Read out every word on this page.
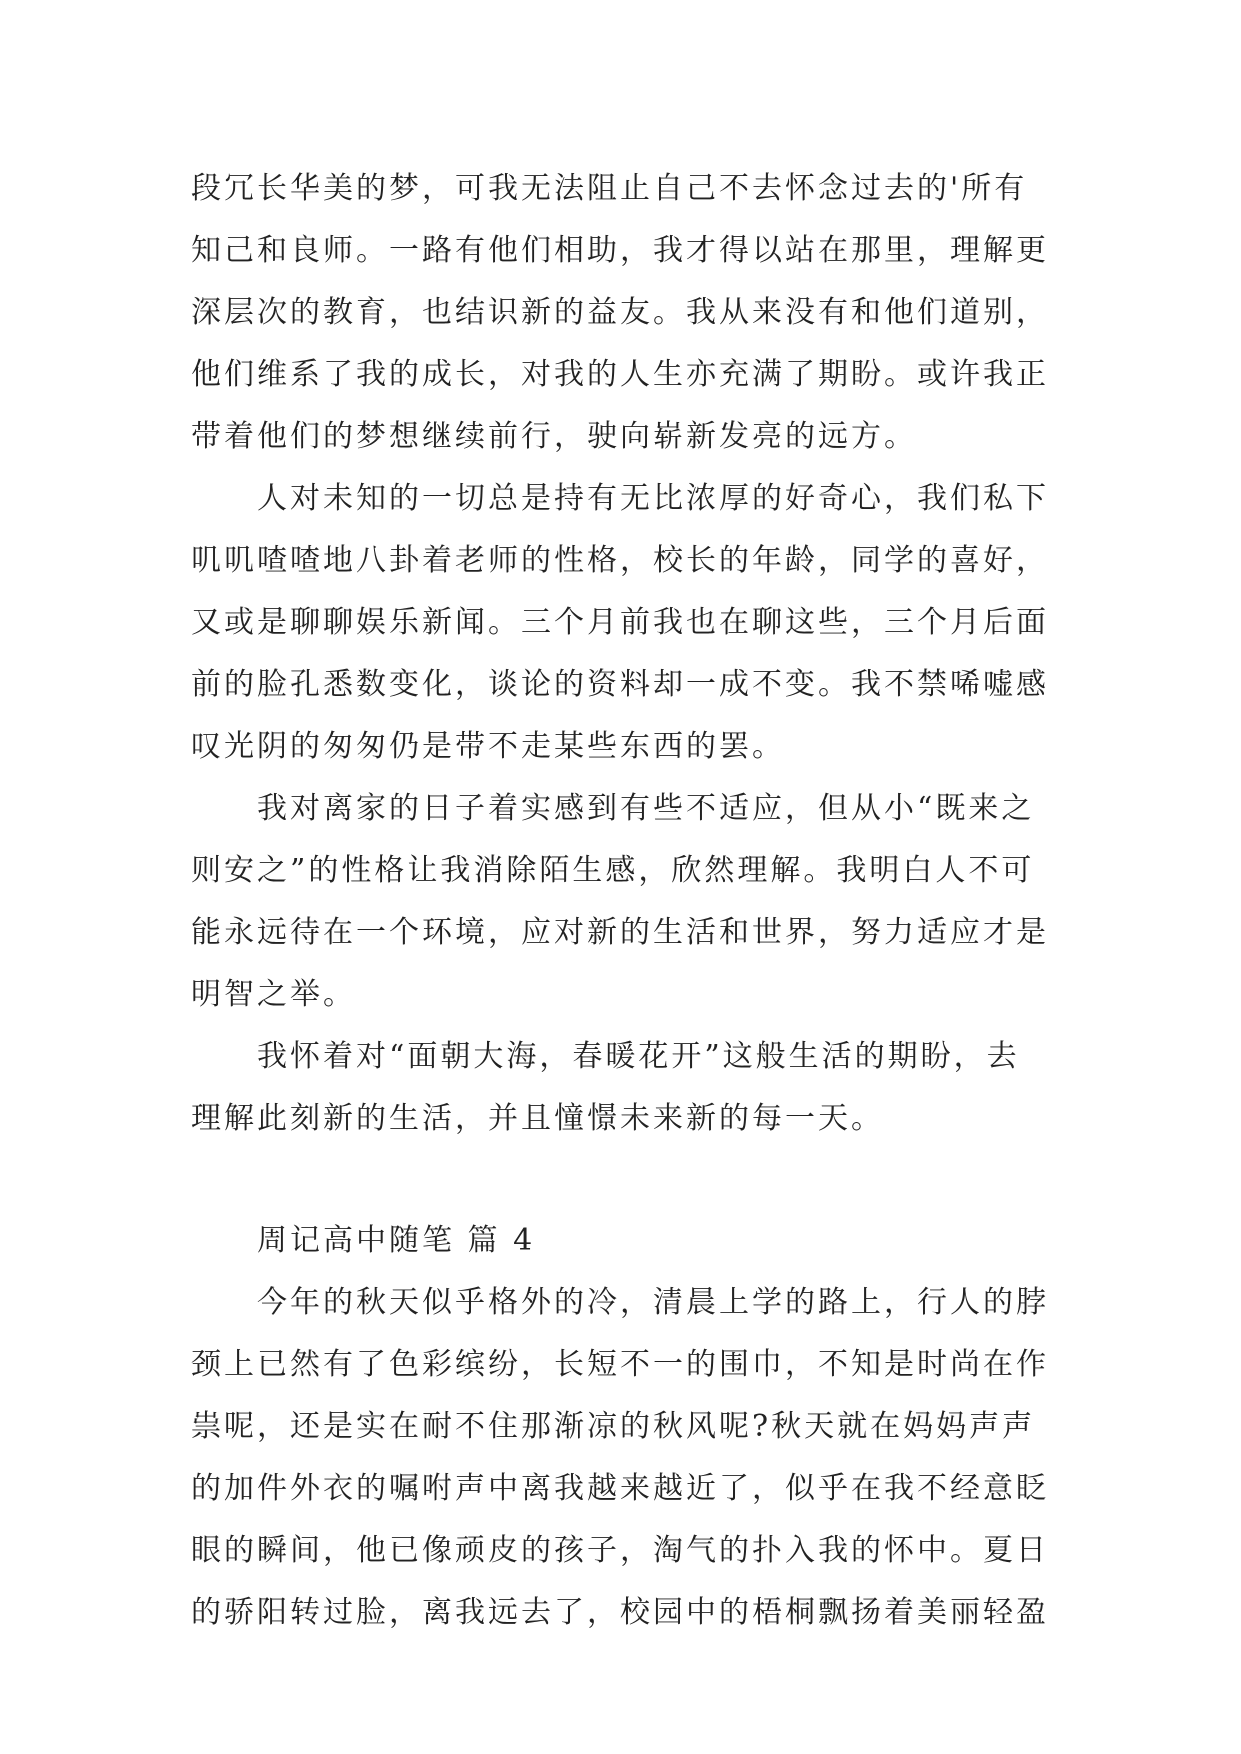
段冗长华美的梦，可我无法阻止自己不去怀念过去的'所有
知己和良师。一路有他们相助，我才得以站在那里，理解更
深层次的教育，也结识新的益友。我从来没有和他们道别，
他们维系了我的成长，对我的人生亦充满了期盼。或许我正
带着他们的梦想继续前行，驶向崭新发亮的远方。
　　人对未知的一切总是持有无比浓厚的好奇心，我们私下
叽叽喳喳地八卦着老师的性格，校长的年龄，同学的喜好，
又或是聊聊娱乐新闻。三个月前我也在聊这些，三个月后面
前的脸孔悉数变化，谈论的资料却一成不变。我不禁唏嘘感
叹光阴的匆匆仍是带不走某些东西的罢。
　　我对离家的日子着实感到有些不适应，但从小“既来之
则安之”的性格让我消除陌生感，欣然理解。我明白人不可
能永远待在一个环境，应对新的生活和世界，努力适应才是
明智之举。
　　我怀着对“面朝大海，春暖花开”这般生活的期盼，去
理解此刻新的生活，并且憧憬未来新的每一天。
　　周记高中随笔 篇 4
　　今年的秋天似乎格外的冷，清晨上学的路上，行人的脖
颈上已然有了色彩缤纷，长短不一的围巾，不知是时尚在作
祟呢，还是实在耐不住那渐凉的秋风呢?秋天就在妈妈声声
的加件外衣的嘱咐声中离我越来越近了，似乎在我不经意眨
眼的瞬间，他已像顽皮的孩子，淘气的扑入我的怀中。夏日
的骄阳转过脸，离我远去了，校园中的梧桐飘扬着美丽轻盈
